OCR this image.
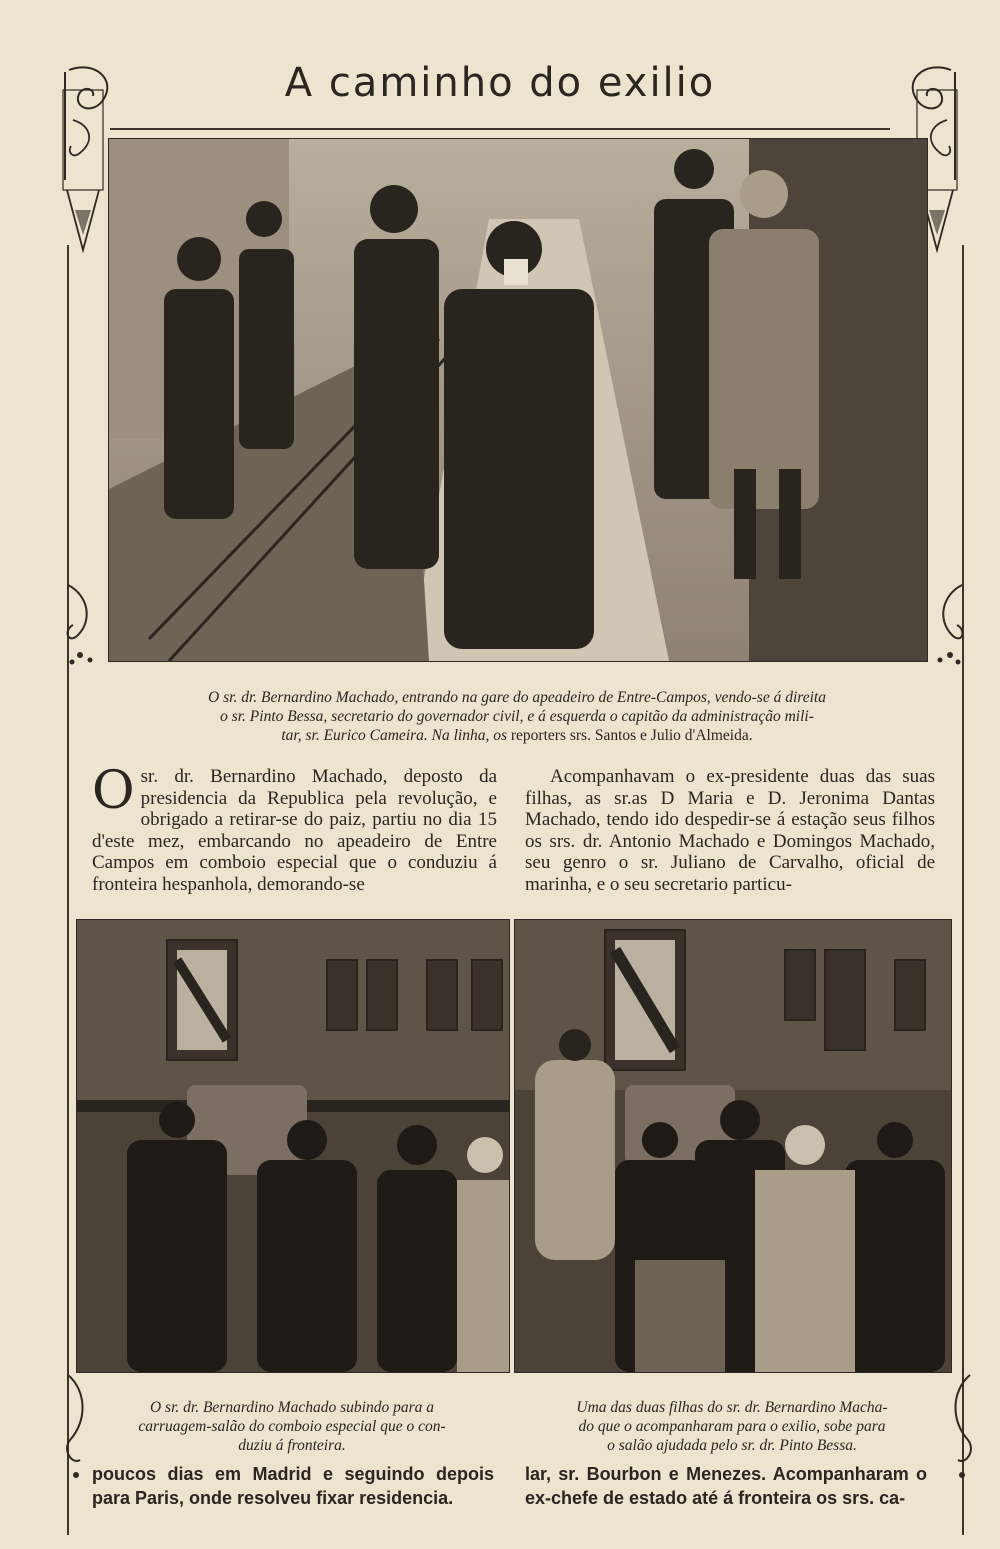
A caminho do exilio
O sr. dr. Bernardino Machado, entrando na gare do apeadeiro de Entre-Campos, vendo-se á direita
o sr. Pinto Bessa, secretario do governador civil, e á esquerda o capitão da administração mili-
tar, sr. Eurico Cameira. Na linha, os reporters srs. Santos e Julio d'Almeida.
O sr. dr. Bernardino Machado, deposto da presidencia da Republica pela revolução, e obrigado a retirar-se do paiz, partiu no dia 15 d'este mez, embarcando no apeadeiro de Entre Campos em comboio especial que o conduziu á fronteira hespanhola, demorando-se
Acompanhavam o ex-presidente duas das suas filhas, as sr.as D Maria e D. Jeronima Dantas Machado, tendo ido despedir-se á estação seus filhos os srs. dr. Antonio Machado e Domingos Machado, seu genro o sr. Juliano de Carvalho, oficial de marinha, e o seu secretario particu-
O sr. dr. Bernardino Machado subindo para a
carruagem-salão do comboio especial que o con-
duziu á fronteira.
Uma das duas filhas do sr. dr. Bernardino Macha-
do que o acompanharam para o exilio, sobe para
o salão ajudada pelo sr. dr. Pinto Bessa.
poucos dias em Madrid e seguindo depois para Paris, onde resolveu fixar residencia.
lar, sr. Bourbon e Menezes. Acompanharam o ex-chefe de estado até á fronteira os srs. ca-
